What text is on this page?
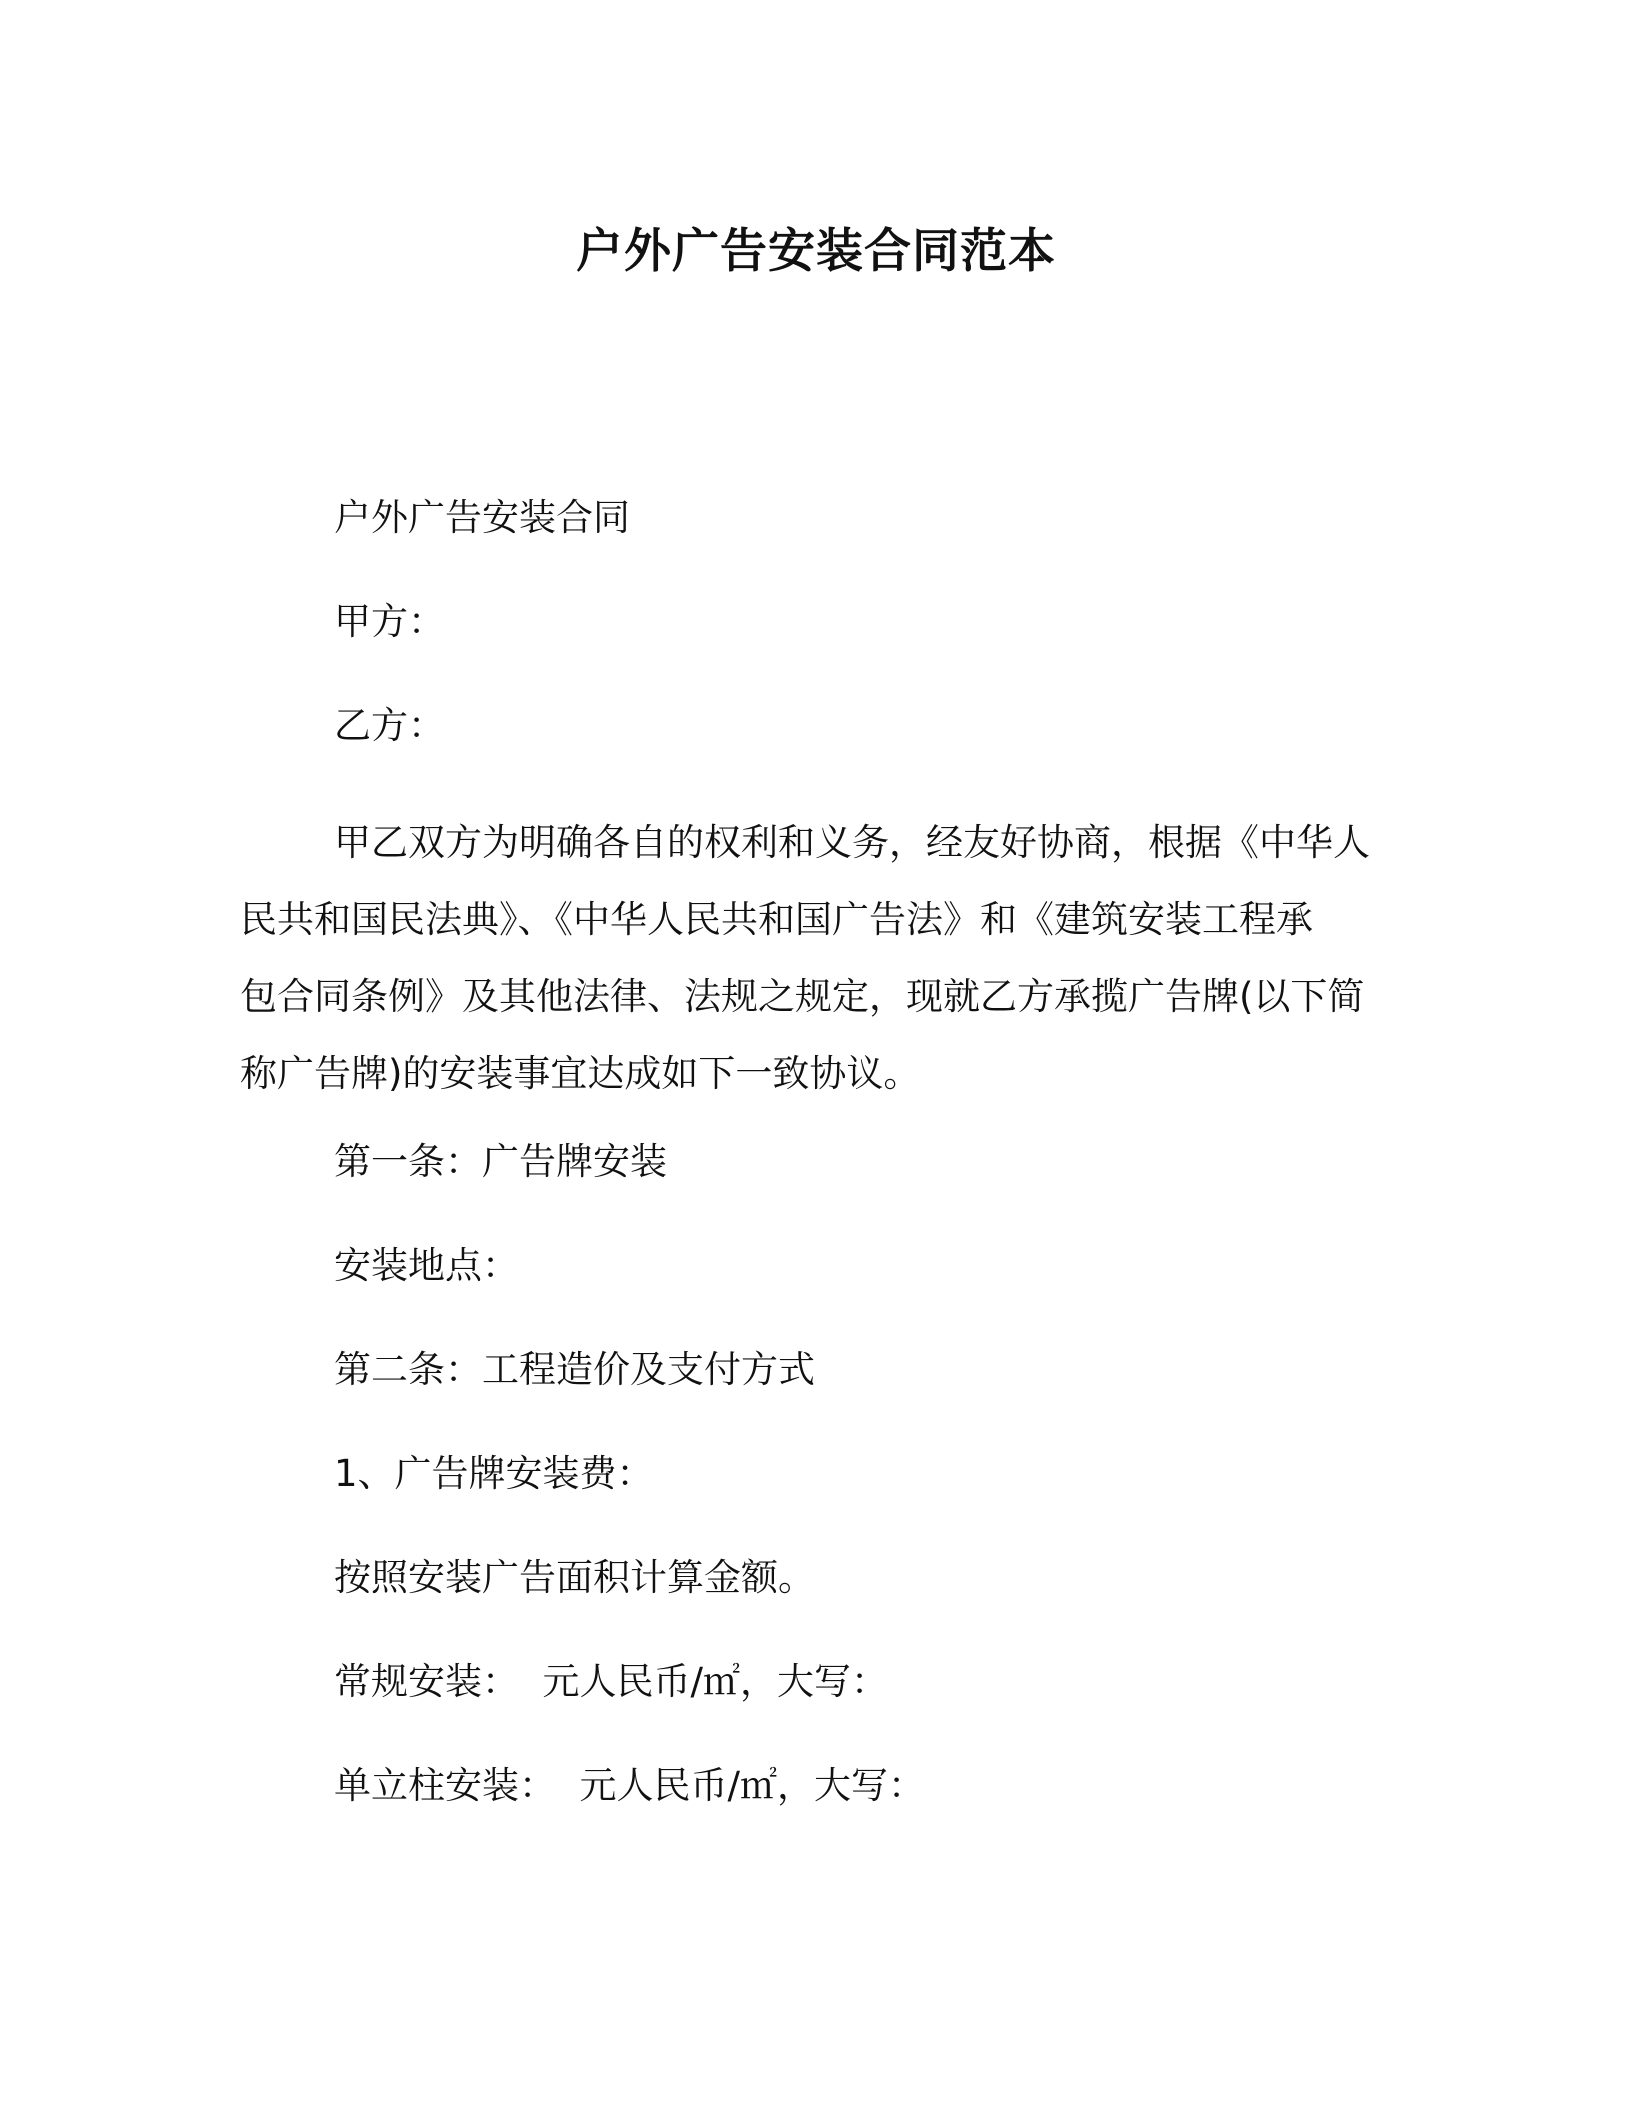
户外广告安装合同范本
户外广告安装合同
甲方：
乙方：
甲乙双方为明确各自的权利和义务，经友好协商，根据《中华人
民共和国民法典》、《中华人民共和国广告法》和《建筑安装工程承
包合同条例》及其他法律、法规之规定，现就乙方承揽广告牌(以下简
称广告牌)的安装事宜达成如下一致协议。
第一条：广告牌安装
安装地点：
第二条：工程造价及支付方式
1、广告牌安装费：
按照安装广告面积计算金额。
常规安装：  元人民币/㎡，大写：
单立柱安装：  元人民币/㎡，大写：
